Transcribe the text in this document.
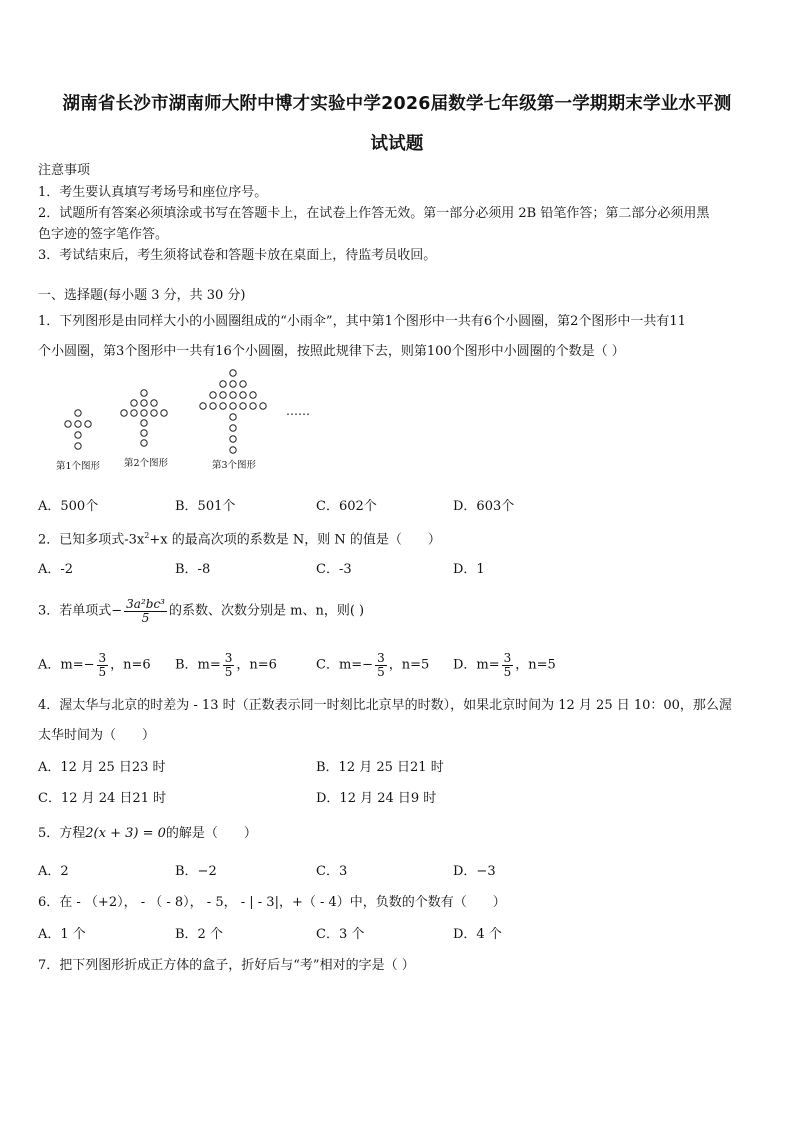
湖南省长沙市湖南师大附中博才实验中学2026届数学七年级第一学期期末学业水平测
试试题
注意事项
1．考生要认真填写考场号和座位序号。
2．试题所有答案必须填涂或书写在答题卡上，在试卷上作答无效。第一部分必须用 2B 铅笔作答；第二部分必须用黑
色字迹的签字笔作答。
3．考试结束后，考生须将试卷和答题卡放在桌面上，待监考员收回。
一、选择题(每小题 3 分，共 30 分)
1．下列图形是由同样大小的小圆圈组成的“小雨伞”，其中第1个图形中一共有6个小圆圈，第2个图形中一共有11
个小圆圈，第3个图形中一共有16个小圆圈，按照此规律下去，则第100个图形中小圆圈的个数是（ ）
第1个图形	第2个图形	第3个图形
……
A．500个	B．501个	C．602个	D．603个
2．已知多项式$-3x^2+x$ 的最高次项的系数是 N，则 N 的值是（　　）
A．-2	B．-8	C．-3	D．1
3．若单项式− $\frac{\text{3a²bc³}}{5}$ 的系数、次数分别是 m、n，则( )
A．$m=- \frac{3}{5}$ ，n=6 B．$m= \frac{3}{5}$ ，n=6	C．$m=- \frac{3}{5}$ ，n=5 D．$m= \frac{3}{5}$ ，n=5
4．渥太华与北京的时差为 - 13 时（正数表示同一时刻比北京早的时数），如果北京时间为 12 月 25 日 10：00，那么渥
太华时间为（　　）
A．12 月 25 日23 时	B．12 月 25 日21 时
C．12 月 24 日21 时	D．12 月 24 日9 时
5．方程2(x + 3) = 0的解是（　　）
A．2	B．−2	C．3	D．−3
6．在 - （+2）， - （ - 8）， - 5， - | - 3|，+（ - 4）中，负数的个数有（　　）
A．1 个	B．2 个	C．3 个	D．4 个
7．把下列图形折成正方体的盒子，折好后与“考”相对的字是（ ）
